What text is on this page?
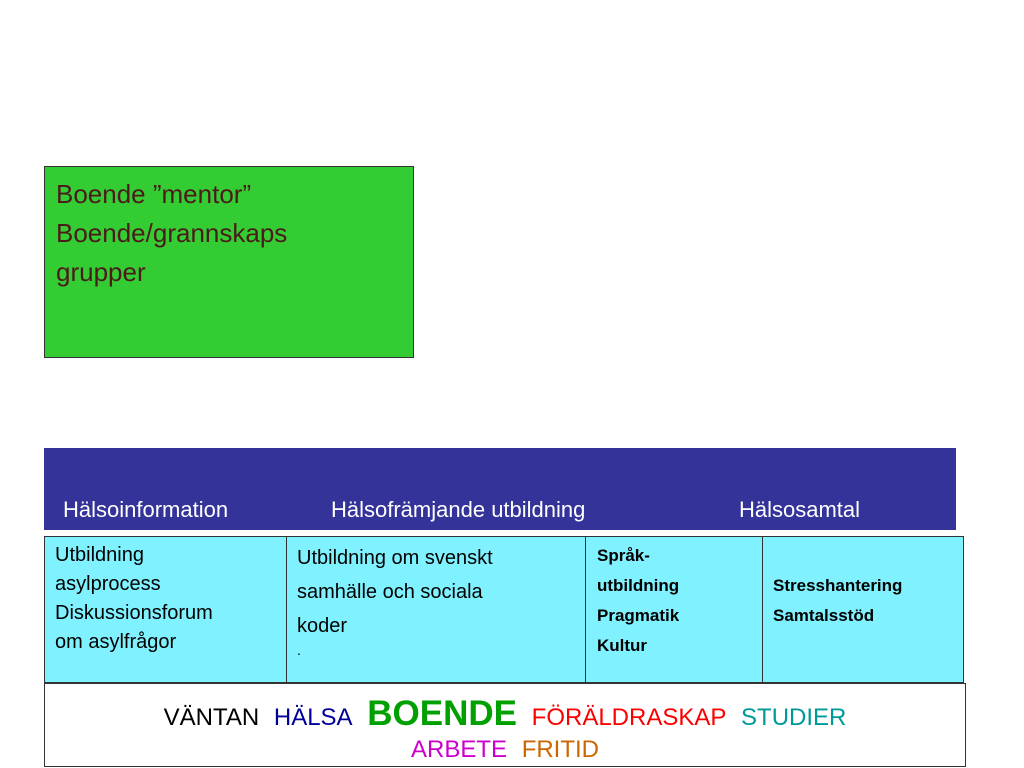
Boende ”mentor”
Boende/grannskaps
grupper
Hälsoinformation	Hälsofrämjande utbildning	Hälsosamtal
Utbildning
asylprocess
Diskussionsforum
om asylfrågor
Utbildning om svenskt
samhälle och sociala
koder
.
Språk-
utbildning
Pragmatik
Kultur
Stresshantering
Samtalsstöd
VÄNTAN HÄLSA BOENDE FÖRÄLDRASKAP STUDIER
ARBETE FRITID
